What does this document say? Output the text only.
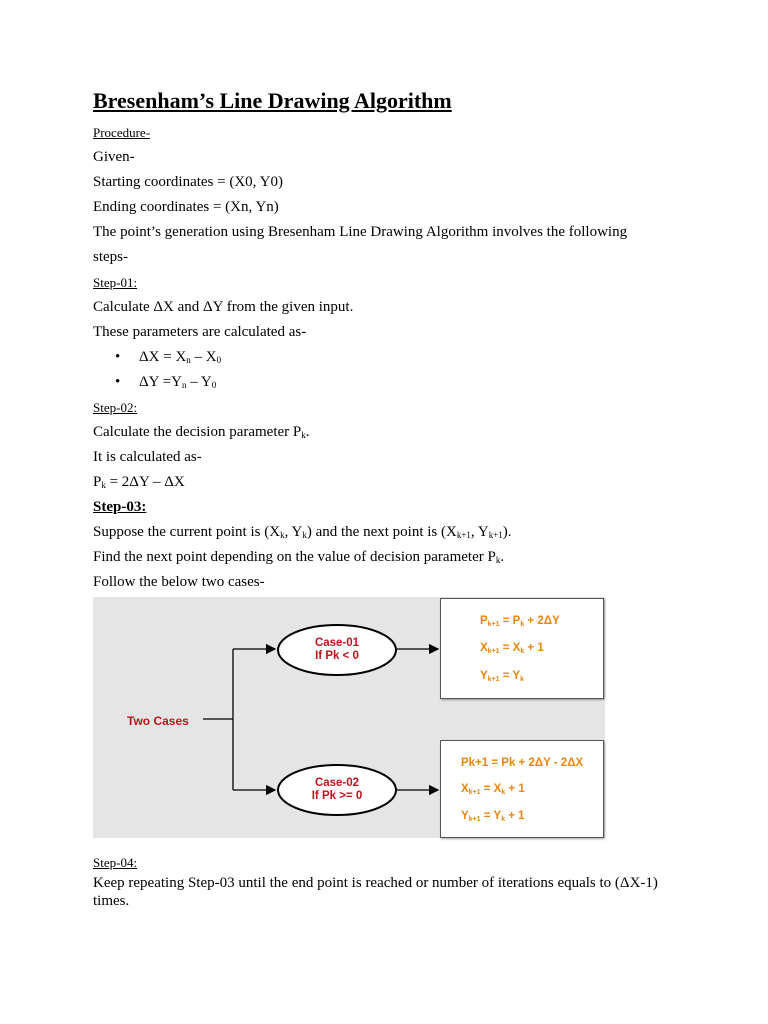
Bresenham’s Line Drawing Algorithm
Procedure-
Given-
Starting coordinates = (X0, Y0)
Ending coordinates = (Xn, Yn)
The point’s generation using Bresenham Line Drawing Algorithm involves the following
steps-
Step-01:
Calculate ΔX and ΔY from the given input.
These parameters are calculated as-
• $\Delta X = X_n - X_0$
• $\Delta Y =Y_n - Y_0$
Step-02:
Calculate the decision parameter $P_k$.
It is calculated as-
$P_k = 2\Delta Y - \Delta X$
Step-03:
Suppose the current point is ($X_k$, $Y_k$) and the next point is ($X_{k+1}$, $Y_{k+1}$).
Find the next point depending on the value of decision parameter $P_k$.
Follow the below two cases-
Two Cases
Case-01
If Pk < 0
Case-02
If Pk >= 0
$P_{k+1} = P_k + 2\Delta Y$
$X_{k+1} = X_k + 1$
$Y_{k+1} = Y_k$
Pk+1 = Pk + 2ΔY - 2ΔX
$X_{k+1} = X_k + 1$
$Y_{k+1} = Y_k + 1$
Step-04:
Keep repeating Step-03 until the end point is reached or number of iterations equals to (ΔX-1) times.
